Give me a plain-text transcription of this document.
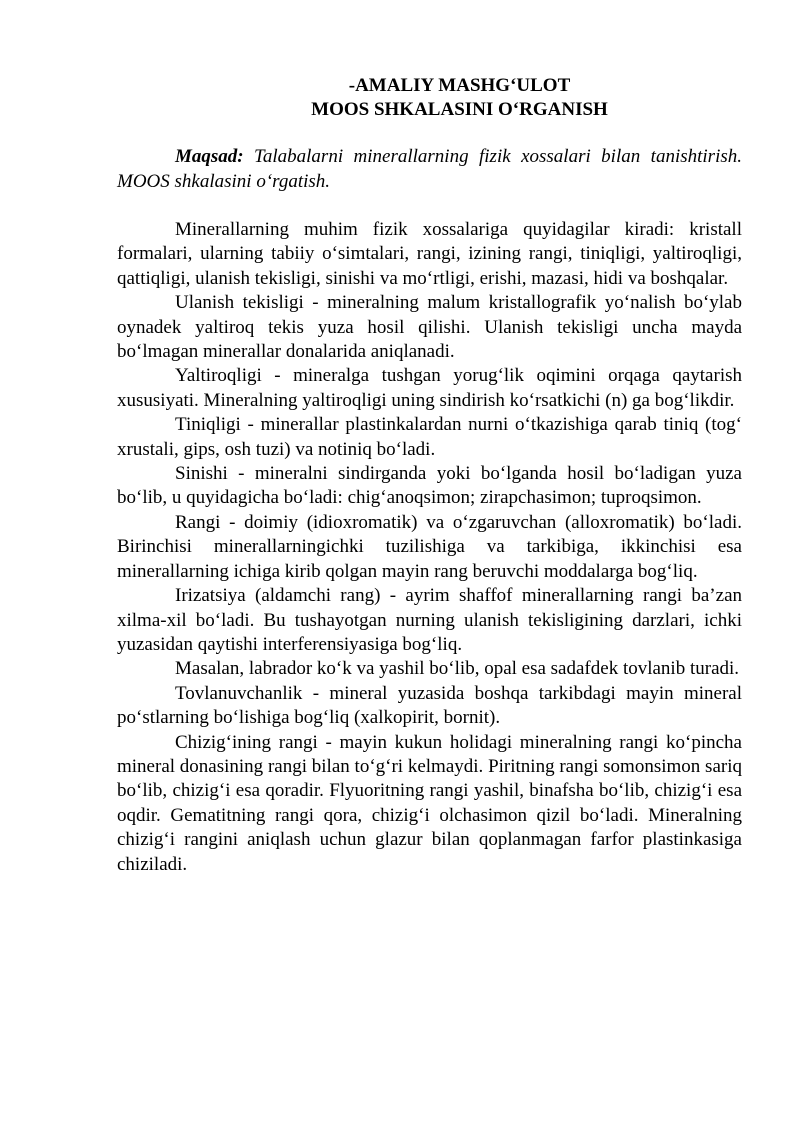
-AMALIY MASHG‘ULOT
MOOS SHKALASINI O‘RGANISH

Maqsad: Talabalarni minerallarning fizik xossalari bilan tanishtirish. MOOS shkalasini o‘rgatish.

Minerallarning muhim fizik xossalariga quyidagilar kiradi: kristall formalari, ularning tabiiy o‘simtalari, rangi, izining rangi, tiniqligi, yaltiroqligi, qattiqligi, ulanish tekisligi, sinishi va mo‘rtligi, erishi, mazasi, hidi va boshqalar.

Ulanish tekisligi - mineralning malum kristallografik yo‘nalish bo‘ylab oynadek yaltiroq tekis yuza hosil qilishi. Ulanish tekisligi uncha mayda bo‘lmagan minerallar donalarida aniqlanadi.

Yaltiroqligi - mineralga tushgan yorug‘lik oqimini orqaga qaytarish xususiyati. Mineralning yaltiroqligi uning sindirish ko‘rsatkichi (n) ga bog‘likdir.

Tiniqligi - minerallar plastinkalardan nurni o‘tkazishiga qarab tiniq (tog‘ xrustali, gips, osh tuzi) va notiniq bo‘ladi.

Sinishi - mineralni sindirganda yoki bo‘lganda hosil bo‘ladigan yuza bo‘lib, u quyidagicha bo‘ladi: chig‘anoqsimon; zirapchasimon; tuproqsimon.

Rangi - doimiy (idioxromatik) va o‘zgaruvchan (alloxromatik) bo‘ladi. Birinchisi minerallarningichki tuzilishiga va tarkibiga, ikkinchisi esa minerallarning ichiga kirib qolgan mayin rang beruvchi moddalarga bog‘liq.

Irizatsiya (aldamchi rang) - ayrim shaffof minerallarning rangi ba’zan xilma-xil bo‘ladi. Bu tushayotgan nurning ulanish tekisligining darzlari, ichki yuzasidan qaytishi interferensiyasiga bog‘liq.

Masalan, labrador ko‘k va yashil bo‘lib, opal esa sadafdek tovlanib turadi.

Tovlanuvchanlik - mineral yuzasida boshqa tarkibdagi mayin mineral po‘stlarning bo‘lishiga bog‘liq (xalkopirit, bornit).

Chizig‘ining rangi - mayin kukun holidagi mineralning rangi ko‘pincha mineral donasining rangi bilan to‘g‘ri kelmaydi. Piritning rangi somonsimon sariq bo‘lib, chizig‘i esa qoradir. Flyuoritning rangi yashil, binafsha bo‘lib, chizig‘i esa oqdir. Gematitning rangi qora, chizig‘i olchasimon qizil bo‘ladi. Mineralning chizig‘i rangini aniqlash uchun glazur bilan qoplanmagan farfor plastinkasiga chiziladi.
